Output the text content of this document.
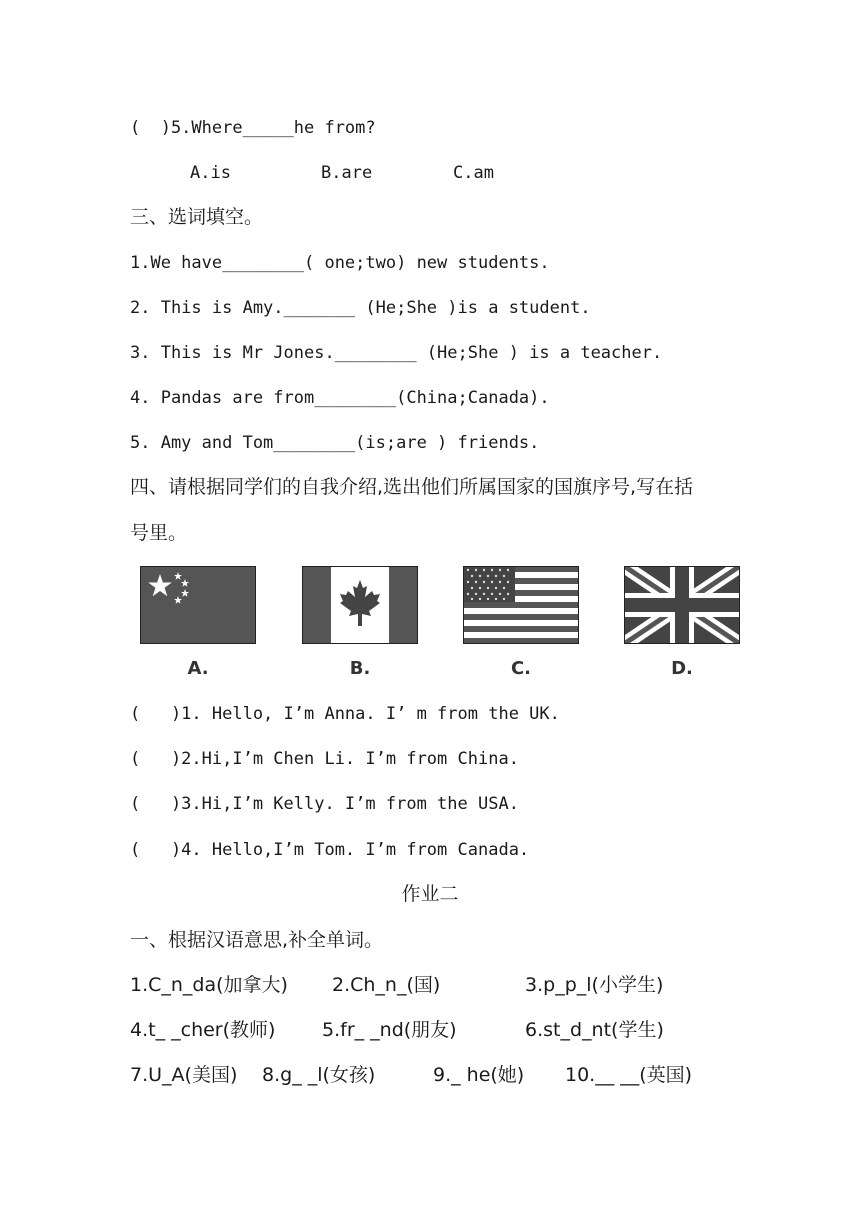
(  )5.Where_____he from?
A.is	B.are	C.am
三、选词填空。
1.We have________( one;two) new students.
2. This is Amy._______ (He;She )is a student.
3. This is Mr Jones.________ (He;She ) is a teacher.
4. Pandas are from________(China;Canada).
5. Amy and Tom________(is;are ) friends.
四、请根据同学们的自我介绍,选出他们所属国家的国旗序号,写在括
号里。
A.	B.	C.	D.
(   )1. Hello, I’m Anna. I’ m from the UK.
(   )2.Hi,I’m Chen Li. I’m from China.
(   )3.Hi,I’m Kelly. I’m from the USA.
(   )4. Hello,I’m Tom. I’m from Canada.
作业二
一、根据汉语意思,补全单词。
1.C_n_da(加拿大) 2.Ch_n_(国)	3.p_p_l(小学生)
4.t_ _cher(教师) 5.fr_ _nd(朋友)	6.st_d_nt(学生)
7.U_A(美国) 8.g_ _l(女孩)	9._ he(她) 10.__ __(英国)
